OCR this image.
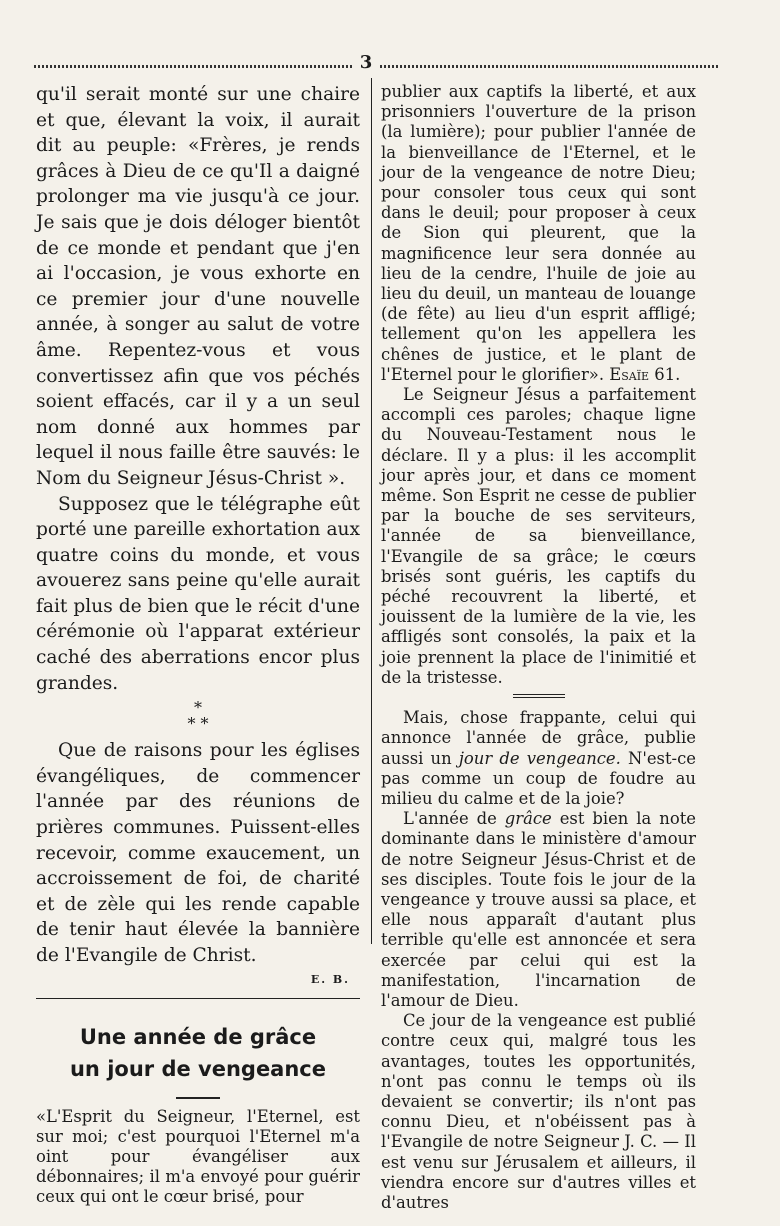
3

qu'il serait monté sur une chaire et que, élevant la voix, il aurait dit au peuple: «Frères, je rends grâces à Dieu de ce qu'Il a daigné prolonger ma vie jusqu'à ce jour. Je sais que je dois déloger bientôt de ce monde et pendant que j'en ai l'occasion, je vous exhorte en ce premier jour d'une nouvelle année, à songer au salut de votre âme. Repentez-vous et vous convertissez afin que vos péchés soient effacés, car il y a un seul nom donné aux hommes par lequel il nous faille être sauvés: le Nom du Seigneur Jésus-Christ ».

Supposez que le télégraphe eût porté une pareille exhortation aux quatre coins du monde, et vous avouerez sans peine qu'elle aurait fait plus de bien que le récit d'une cérémonie où l'apparat extérieur caché des aberrations encor plus grandes.

*
* *

Que de raisons pour les églises évangéliques, de commencer l'année par des réunions de prières communes. Puissent-elles recevoir, comme exaucement, un accroissement de foi, de charité et de zèle qui les rende capable de tenir haut élevée la bannière de l'Evangile de Christ.

E. B.
Une année de grâce
un jour de vengeance

«L'Esprit du Seigneur, l'Eternel, est sur moi; c'est pourquoi l'Eternel m'a oint pour évangéliser aux débonnaires; il m'a envoyé pour guérir ceux qui ont le cœur brisé, pour

publier aux captifs la liberté, et aux prisonniers l'ouverture de la prison (la lumière); pour publier l'année de la bienveillance de l'Eternel, et le jour de la vengeance de notre Dieu; pour consoler tous ceux qui sont dans le deuil; pour proposer à ceux de Sion qui pleurent, que la magnificence leur sera donnée au lieu de la cendre, l'huile de joie au lieu du deuil, un manteau de louange (de fête) au lieu d'un esprit affligé; tellement qu'on les appellera les chênes de justice, et le plant de l'Eternel pour le glorifier». Esaïe 61.

Le Seigneur Jésus a parfaitement accompli ces paroles; chaque ligne du Nouveau-Testament nous le déclare. Il y a plus: il les accomplit jour après jour, et dans ce moment même. Son Esprit ne cesse de publier par la bouche de ses serviteurs, l'année de sa bienveillance, l'Evangile de sa grâce; le cœurs brisés sont guéris, les captifs du péché recouvrent la liberté, et jouissent de la lumière de la vie, les affligés sont consolés, la paix et la joie prennent la place de l'inimitié et de la tristesse.

Mais, chose frappante, celui qui annonce l'année de grâce, publie aussi un jour de vengeance. N'est-ce pas comme un coup de foudre au milieu du calme et de la joie?

L'année de grâce est bien la note dominante dans le ministère d'amour de notre Seigneur Jésus-Christ et de ses disciples. Toute fois le jour de la vengeance y trouve aussi sa place, et elle nous apparaît d'autant plus terrible qu'elle est annoncée et sera exercée par celui qui est la manifestation, l'incarnation de l'amour de Dieu.

Ce jour de la vengeance est publié contre ceux qui, malgré tous les avantages, toutes les opportunités, n'ont pas connu le temps où ils devaient se convertir; ils n'ont pas connu Dieu, et n'obéissent pas à l'Evangile de notre Seigneur J. C. — Il est venu sur Jérusalem et ailleurs, il viendra encore sur d'autres villes et d'autres
